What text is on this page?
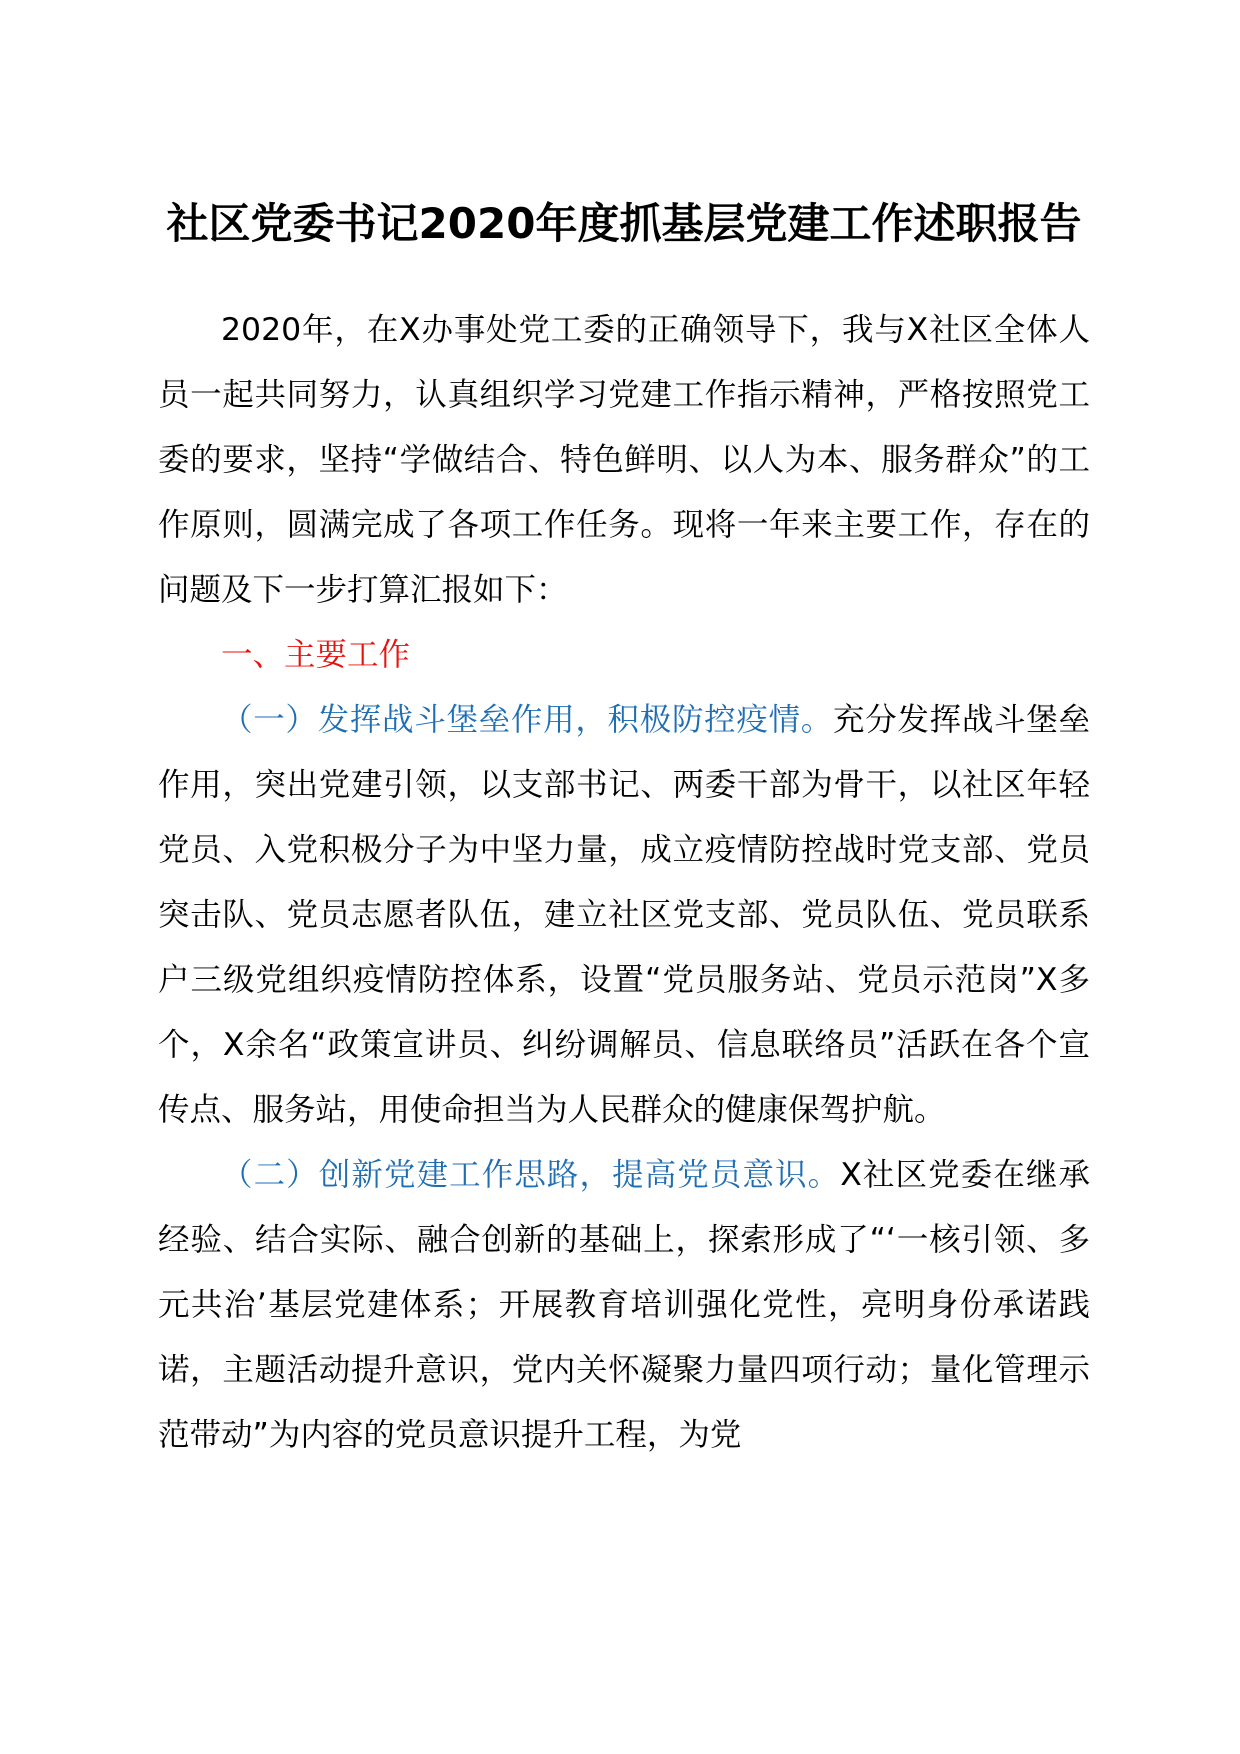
社区党委书记2020年度抓基层党建工作述职报告

2020年，在X办事处党工委的正确领导下，我与X社区全体人员一起共同努力，认真组织学习党建工作指示精神，严格按照党工委的要求，坚持“学做结合、特色鲜明、以人为本、服务群众”的工作原则，圆满完成了各项工作任务。现将一年来主要工作，存在的问题及下一步打算汇报如下：

一、主要工作

（一）发挥战斗堡垒作用，积极防控疫情。充分发挥战斗堡垒作用，突出党建引领，以支部书记、两委干部为骨干，以社区年轻党员、入党积极分子为中坚力量，成立疫情防控战时党支部、党员突击队、党员志愿者队伍，建立社区党支部、党员队伍、党员联系户三级党组织疫情防控体系，设置“党员服务站、党员示范岗”X多个，X余名“政策宣讲员、纠纷调解员、信息联络员”活跃在各个宣传点、服务站，用使命担当为人民群众的健康保驾护航。

（二）创新党建工作思路，提高党员意识。X社区党委在继承经验、结合实际、融合创新的基础上，探索形成了“‘一核引领、多元共治’基层党建体系；开展教育培训强化党性，亮明身份承诺践诺，主题活动提升意识，党内关怀凝聚力量四项行动；量化管理示范带动”为内容的党员意识提升工程，为党
